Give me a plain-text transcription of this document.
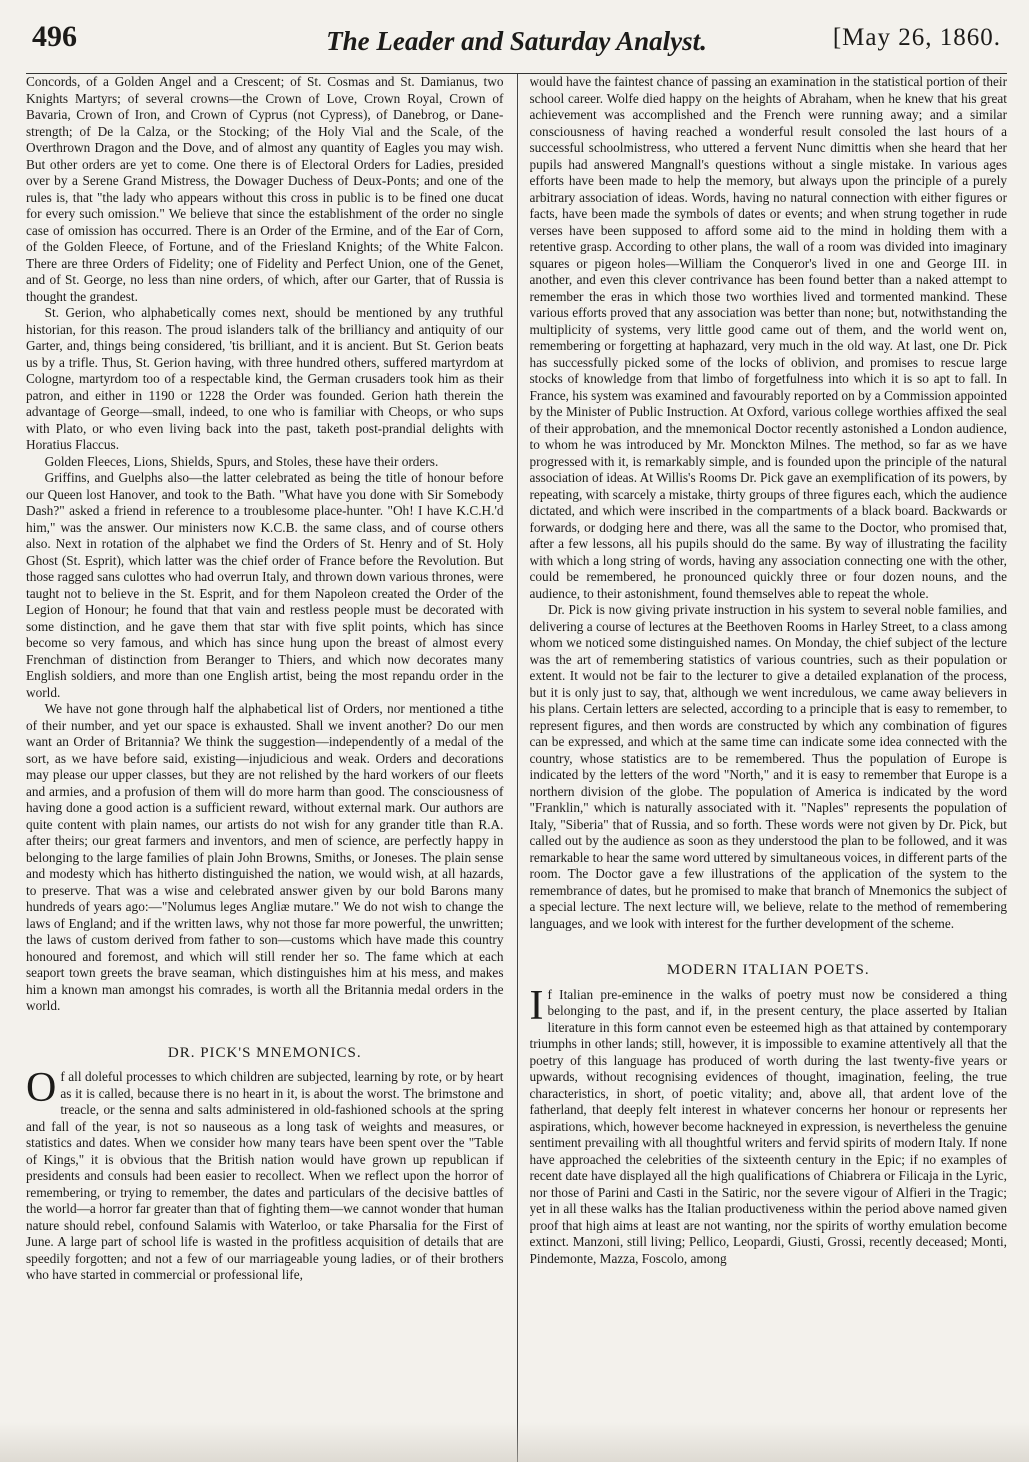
496	The Leader and Saturday Analyst.	[May 26, 1860.

Concords, of a Golden Angel and a Crescent; of St. Cosmas and St. Damianus, two Knights Martyrs; of several crowns—the Crown of Love, Crown Royal, Crown of Bavaria, Crown of Iron, and Crown of Cyprus (not Cypress), of Danebrog, or Dane-strength; of De la Calza, or the Stocking; of the Holy Vial and the Scale, of the Overthrown Dragon and the Dove, and of almost any quantity of Eagles you may wish. But other orders are yet to come. One there is of Electoral Orders for Ladies, presided over by a Serene Grand Mistress, the Dowager Duchess of Deux-Ponts; and one of the rules is, that "the lady who appears without this cross in public is to be fined one ducat for every such omission." We believe that since the establishment of the order no single case of omission has occurred. There is an Order of the Ermine, and of the Ear of Corn, of the Golden Fleece, of Fortune, and of the Friesland Knights; of the White Falcon. There are three Orders of Fidelity; one of Fidelity and Perfect Union, one of the Genet, and of St. George, no less than nine orders, of which, after our Garter, that of Russia is thought the grandest.

St. Gerion, who alphabetically comes next, should be mentioned by any truthful historian, for this reason. The proud islanders talk of the brilliancy and antiquity of our Garter, and, things being considered, 'tis brilliant, and it is ancient. But St. Gerion beats us by a trifle. Thus, St. Gerion having, with three hundred others, suffered martyrdom at Cologne, martyrdom too of a respectable kind, the German crusaders took him as their patron, and either in 1190 or 1228 the Order was founded. Gerion hath therein the advantage of George—small, indeed, to one who is familiar with Cheops, or who sups with Plato, or who even living back into the past, taketh post-prandial delights with Horatius Flaccus.

Golden Fleeces, Lions, Shields, Spurs, and Stoles, these have their orders.

Griffins, and Guelphs also—the latter celebrated as being the title of honour before our Queen lost Hanover, and took to the Bath. "What have you done with Sir Somebody Dash?" asked a friend in reference to a troublesome place-hunter. "Oh! I have K.C.H.'d him," was the answer. Our ministers now K.C.B. the same class, and of course others also. Next in rotation of the alphabet we find the Orders of St. Henry and of St. Holy Ghost (St. Esprit), which latter was the chief order of France before the Revolution. But those ragged sans culottes who had overrun Italy, and thrown down various thrones, were taught not to believe in the St. Esprit, and for them Napoleon created the Order of the Legion of Honour; he found that that vain and restless people must be decorated with some distinction, and he gave them that star with five split points, which has since become so very famous, and which has since hung upon the breast of almost every Frenchman of distinction from Beranger to Thiers, and which now decorates many English soldiers, and more than one English artist, being the most repandu order in the world.

We have not gone through half the alphabetical list of Orders, nor mentioned a tithe of their number, and yet our space is exhausted. Shall we invent another? Do our men want an Order of Britannia? We think the suggestion—independently of a medal of the sort, as we have before said, existing—injudicious and weak. Orders and decorations may please our upper classes, but they are not relished by the hard workers of our fleets and armies, and a profusion of them will do more harm than good. The consciousness of having done a good action is a sufficient reward, without external mark. Our authors are quite content with plain names, our artists do not wish for any grander title than R.A. after theirs; our great farmers and inventors, and men of science, are perfectly happy in belonging to the large families of plain John Browns, Smiths, or Joneses. The plain sense and modesty which has hitherto distinguished the nation, we would wish, at all hazards, to preserve. That was a wise and celebrated answer given by our bold Barons many hundreds of years ago:—"Nolumus leges Angliæ mutare." We do not wish to change the laws of England; and if the written laws, why not those far more powerful, the unwritten; the laws of custom derived from father to son—customs which have made this country honoured and foremost, and which will still render her so. The fame which at each seaport town greets the brave seaman, which distinguishes him at his mess, and makes him a known man amongst his comrades, is worth all the Britannia medal orders in the world.

DR. PICK'S MNEMONICS.

Of all doleful processes to which children are subjected, learning by rote, or by heart as it is called, because there is no heart in it, is about the worst. The brimstone and treacle, or the senna and salts administered in old-fashioned schools at the spring and fall of the year, is not so nauseous as a long task of weights and measures, or statistics and dates. When we consider how many tears have been spent over the "Table of Kings," it is obvious that the British nation would have grown up republican if presidents and consuls had been easier to recollect. When we reflect upon the horror of remembering, or trying to remember, the dates and particulars of the decisive battles of the world—a horror far greater than that of fighting them—we cannot wonder that human nature should rebel, confound Salamis with Waterloo, or take Pharsalia for the First of June. A large part of school life is wasted in the profitless acquisition of details that are speedily forgotten; and not a few of our marriageable young ladies, or of their brothers who have started in commercial or professional life,

would have the faintest chance of passing an examination in the statistical portion of their school career. Wolfe died happy on the heights of Abraham, when he knew that his great achievement was accomplished and the French were running away; and a similar consciousness of having reached a wonderful result consoled the last hours of a successful schoolmistress, who uttered a fervent Nunc dimittis when she heard that her pupils had answered Mangnall's questions without a single mistake. In various ages efforts have been made to help the memory, but always upon the principle of a purely arbitrary association of ideas. Words, having no natural connection with either figures or facts, have been made the symbols of dates or events; and when strung together in rude verses have been supposed to afford some aid to the mind in holding them with a retentive grasp. According to other plans, the wall of a room was divided into imaginary squares or pigeon holes—William the Conqueror's lived in one and George III. in another, and even this clever contrivance has been found better than a naked attempt to remember the eras in which those two worthies lived and tormented mankind. These various efforts proved that any association was better than none; but, notwithstanding the multiplicity of systems, very little good came out of them, and the world went on, remembering or forgetting at haphazard, very much in the old way. At last, one Dr. Pick has successfully picked some of the locks of oblivion, and promises to rescue large stocks of knowledge from that limbo of forgetfulness into which it is so apt to fall. In France, his system was examined and favourably reported on by a Commission appointed by the Minister of Public Instruction. At Oxford, various college worthies affixed the seal of their approbation, and the mnemonical Doctor recently astonished a London audience, to whom he was introduced by Mr. Monckton Milnes. The method, so far as we have progressed with it, is remarkably simple, and is founded upon the principle of the natural association of ideas. At Willis's Rooms Dr. Pick gave an exemplification of its powers, by repeating, with scarcely a mistake, thirty groups of three figures each, which the audience dictated, and which were inscribed in the compartments of a black board. Backwards or forwards, or dodging here and there, was all the same to the Doctor, who promised that, after a few lessons, all his pupils should do the same. By way of illustrating the facility with which a long string of words, having any association connecting one with the other, could be remembered, he pronounced quickly three or four dozen nouns, and the audience, to their astonishment, found themselves able to repeat the whole.

Dr. Pick is now giving private instruction in his system to several noble families, and delivering a course of lectures at the Beethoven Rooms in Harley Street, to a class among whom we noticed some distinguished names. On Monday, the chief subject of the lecture was the art of remembering statistics of various countries, such as their population or extent. It would not be fair to the lecturer to give a detailed explanation of the process, but it is only just to say, that, although we went incredulous, we came away believers in his plans. Certain letters are selected, according to a principle that is easy to remember, to represent figures, and then words are constructed by which any combination of figures can be expressed, and which at the same time can indicate some idea connected with the country, whose statistics are to be remembered. Thus the population of Europe is indicated by the letters of the word "North," and it is easy to remember that Europe is a northern division of the globe. The population of America is indicated by the word "Franklin," which is naturally associated with it. "Naples" represents the population of Italy, "Siberia" that of Russia, and so forth. These words were not given by Dr. Pick, but called out by the audience as soon as they understood the plan to be followed, and it was remarkable to hear the same word uttered by simultaneous voices, in different parts of the room. The Doctor gave a few illustrations of the application of the system to the remembrance of dates, but he promised to make that branch of Mnemonics the subject of a special lecture. The next lecture will, we believe, relate to the method of remembering languages, and we look with interest for the further development of the scheme.

MODERN ITALIAN POETS.

If Italian pre-eminence in the walks of poetry must now be considered a thing belonging to the past, and if, in the present century, the place asserted by Italian literature in this form cannot even be esteemed high as that attained by contemporary triumphs in other lands; still, however, it is impossible to examine attentively all that the poetry of this language has produced of worth during the last twenty-five years or upwards, without recognising evidences of thought, imagination, feeling, the true characteristics, in short, of poetic vitality; and, above all, that ardent love of the fatherland, that deeply felt interest in whatever concerns her honour or represents her aspirations, which, however become hackneyed in expression, is nevertheless the genuine sentiment prevailing with all thoughtful writers and fervid spirits of modern Italy. If none have approached the celebrities of the sixteenth century in the Epic; if no examples of recent date have displayed all the high qualifications of Chiabrera or Filicaja in the Lyric, nor those of Parini and Casti in the Satiric, nor the severe vigour of Alfieri in the Tragic; yet in all these walks has the Italian productiveness within the period above named given proof that high aims at least are not wanting, nor the spirits of worthy emulation become extinct. Manzoni, still living; Pellico, Leopardi, Giusti, Grossi, recently deceased; Monti, Pindemonte, Mazza, Foscolo, among
